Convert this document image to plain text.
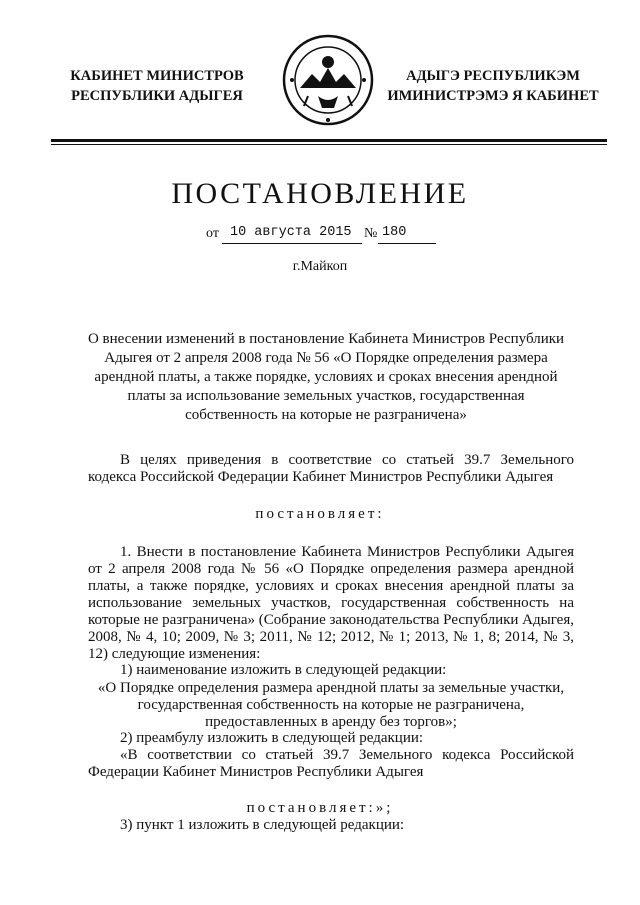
КАБИНЕТ МИНИСТРОВ
РЕСПУБЛИКИ АДЫГЕЯ
АДЫГЭ РЕСПУБЛИКЭМ
ИМИНИСТРЭМЭ Я КАБИНЕТ
ПОСТАНОВЛЕНИЕ
от 10 августа 2015 № 180
г.Майкоп
О внесении изменений в постановление Кабинета Министров Республики
Адыгея от 2 апреля 2008 года № 56 «О Порядке определения размера
арендной платы, а также порядке, условиях и сроках внесения арендной
платы за использование земельных участков, государственная
собственность на которые не разграничена»
В целях приведения в соответствие со статьей 39.7 Земельного кодекса Российской Федерации Кабинет Министров Республики Адыгея
постановляет:
1. Внести в постановление Кабинета Министров Республики Адыгея от 2 апреля 2008 года № 56 «О Порядке определения размера арендной платы, а также порядке, условиях и сроках внесения арендной платы за использование земельных участков, государственная собственность на которые не разграничена» (Собрание законодательства Республики Адыгея, 2008, № 4, 10; 2009, № 3; 2011, № 12; 2012, № 1; 2013, № 1, 8; 2014, № 3, 12) следующие изменения:
1) наименование изложить в следующей редакции:
«О Порядке определения размера арендной платы за земельные участки,
государственная собственность на которые не разграничена,
предоставленных в аренду без торгов»;
2) преамбулу изложить в следующей редакции:
«В соответствии со статьей 39.7 Земельного кодекса Российской Федерации Кабинет Министров Республики Адыгея
постановляет:»;
3) пункт 1 изложить в следующей редакции:
